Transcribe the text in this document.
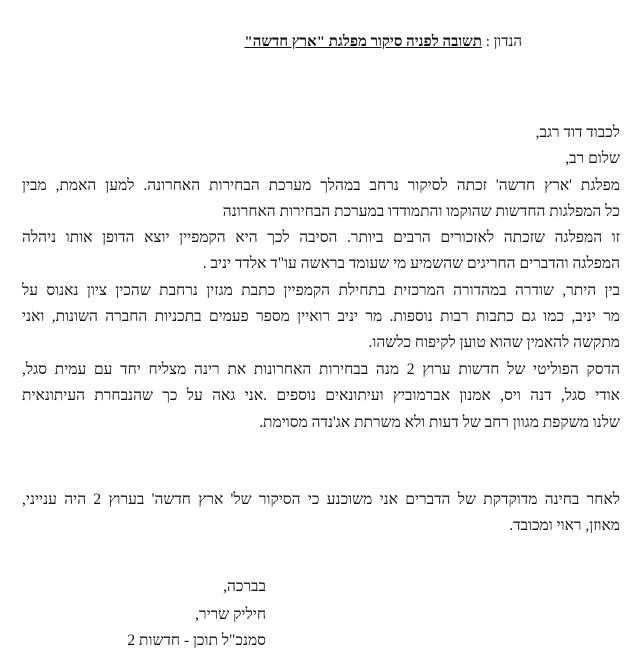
הנדון : תשובה לפניה סיקור מפלגת "ארץ חדשה"
לכבוד דוד רגב,
שלום רב,
מפלגת 'ארץ חדשה' זכתה לסיקור נרחב במהלך מערכת הבחירות האחרונה. למען האמת, מבין
כל המפלגות החדשות שהוקמו והתמודדו במערכת הבחירות האחרונה
זו המפלגה שזכתה לאזכורים הרבים ביותר. הסיבה לכך היא הקמפיין יוצא הדופן אותו ניהלה
המפלגה והדברים החריגים שהשמיע מי שעומד בראשה עו"ד אלדד יניב .
בין היתר, שודרה במהדורה המרכזית בתחילת הקמפיין כתבת מגזין נרחבת שהכין ציון נאנוס על
מר יניב, כמו גם כתבות רבות נוספות. מר יניב רואיין מספר פעמים בתכניות החברה השונות, ואני
מתקשה להאמין שהוא טוען לקיפוח כלשהו.
הדסק הפוליטי של חדשות ערוץ 2 מנה בבחירות האחרונות את רינה מצליח יחד עם עמית סגל,
אודי סגל, דנה ויס, אמנון אברמוביץ ועיתונאים נוספים .אני גאה על כך שהנבחרת העיתונאית
שלנו משקפת מגוון רחב של דעות ולא משרתת אג'נדה מסוימת.
לאחר בחינה מדוקדקת של הדברים אני משוכנע כי הסיקור של' ארץ חדשה' בערוץ 2 היה ענייני,
מאוזן, ראוי ומכובד.
בברכה,
חיליק שריר,
סמנכ"ל תוכן - חדשות 2
